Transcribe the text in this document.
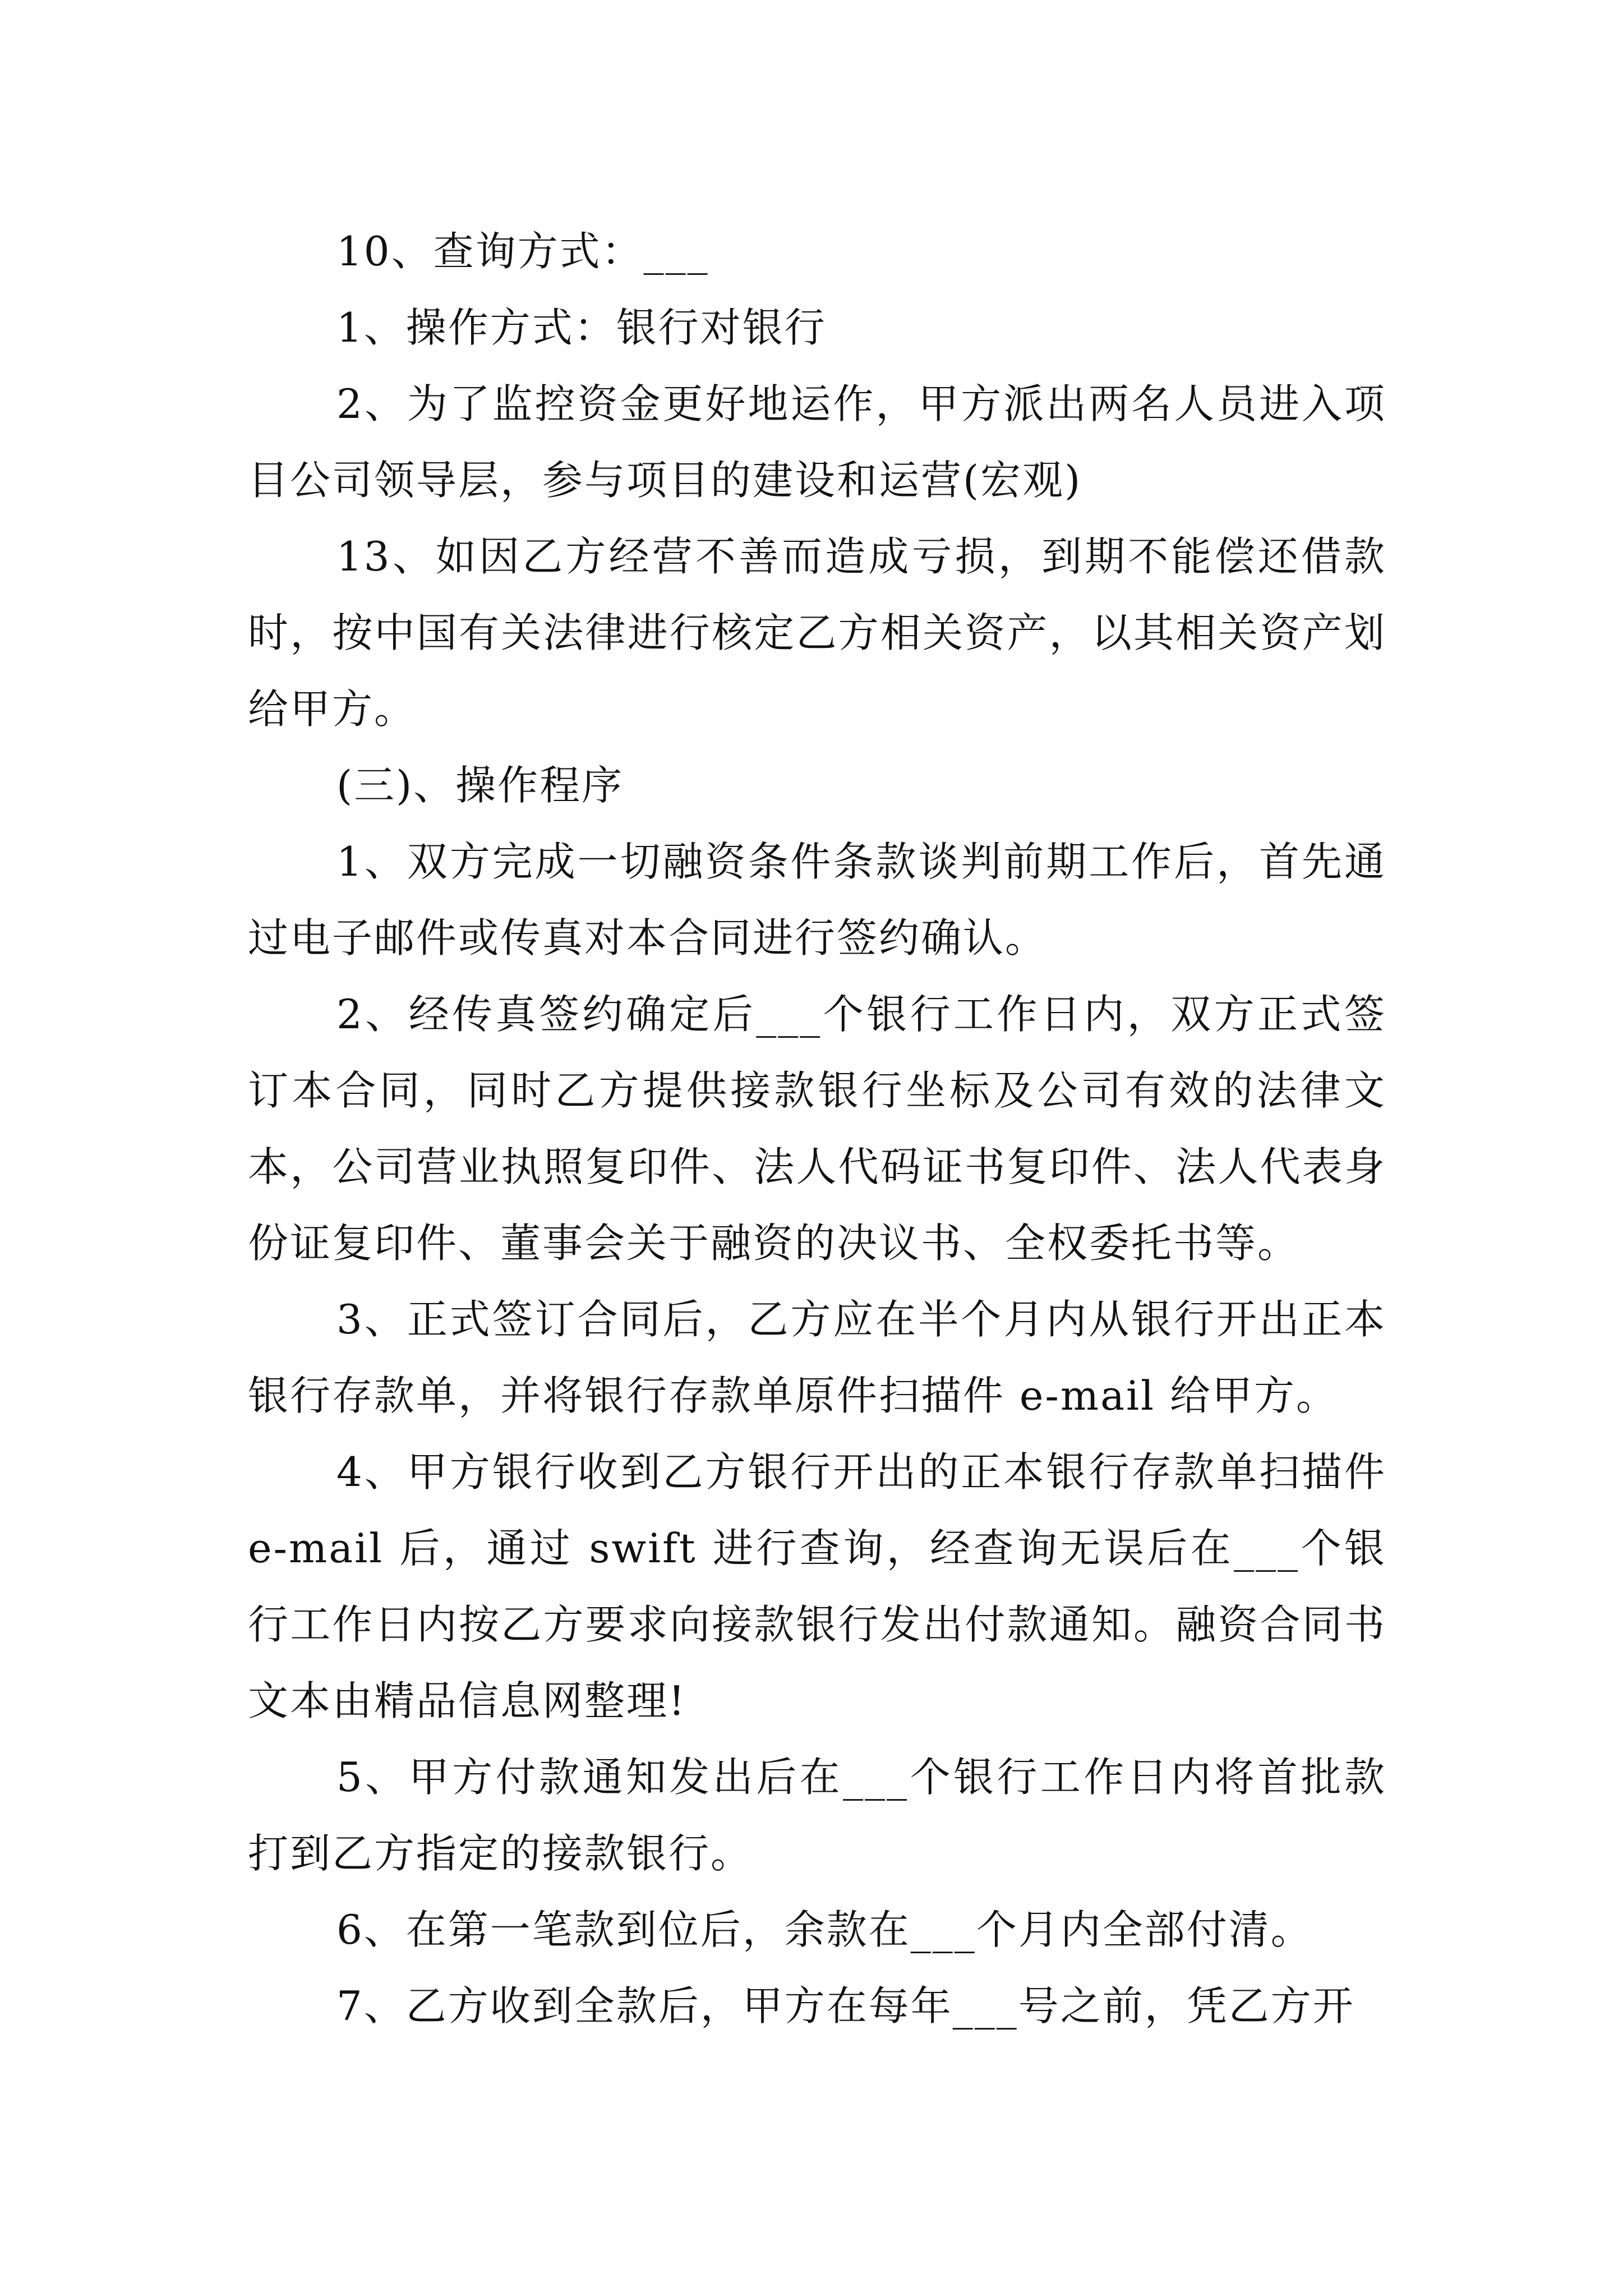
10、查询方式：___

1、操作方式：银行对银行

2、为了监控资金更好地运作，甲方派出两名人员进入项目公司领导层，参与项目的建设和运营(宏观)

13、如因乙方经营不善而造成亏损，到期不能偿还借款时，按中国有关法律进行核定乙方相关资产，以其相关资产划给甲方。

(三)、操作程序

1、双方完成一切融资条件条款谈判前期工作后，首先通过电子邮件或传真对本合同进行签约确认。

2、经传真签约确定后___个银行工作日内，双方正式签订本合同，同时乙方提供接款银行坐标及公司有效的法律文本，公司营业执照复印件、法人代码证书复印件、法人代表身份证复印件、董事会关于融资的决议书、全权委托书等。

3、正式签订合同后，乙方应在半个月内从银行开出正本银行存款单，并将银行存款单原件扫描件 e-mail 给甲方。

4、甲方银行收到乙方银行开出的正本银行存款单扫描件 e-mail 后，通过 swift 进行查询，经查询无误后在___个银行工作日内按乙方要求向接款银行发出付款通知。融资合同书文本由精品信息网整理!

5、甲方付款通知发出后在___个银行工作日内将首批款打到乙方指定的接款银行。

6、在第一笔款到位后，余款在___个月内全部付清。

7、乙方收到全款后，甲方在每年___号之前，凭乙方开
